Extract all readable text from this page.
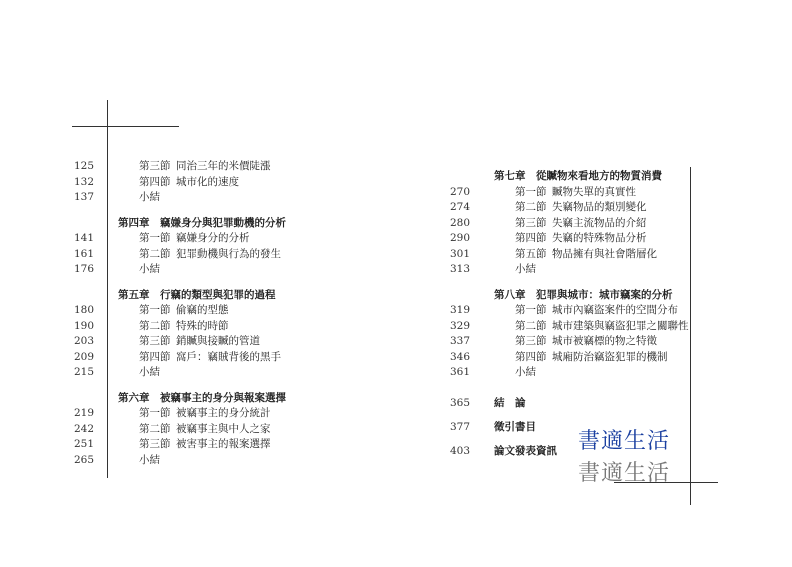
125	第三節 同治三年的米價陡漲
132	第四節 城市化的速度
137	小結
第四章　竊嫌身分與犯罪動機的分析
141	第一節 竊嫌身分的分析
161	第二節 犯罪動機與行為的發生
176	小結
第五章　行竊的類型與犯罪的過程
180	第一節 偷竊的型態
190	第二節 特殊的時節
203	第三節 銷贓與接贓的管道
209	第四節 窩戶：竊賊背後的黑手
215	小結
第六章　被竊事主的身分與報案選擇
219	第一節 被竊事主的身分統計
242	第二節 被竊事主與中人之家
251	第三節 被害事主的報案選擇
265	小結
第七章　從贓物來看地方的物質消費
270	第一節 贓物失單的真實性
274	第二節 失竊物品的類別變化
280	第三節 失竊主流物品的介紹
290	第四節 失竊的特殊物品分析
301	第五節 物品擁有與社會階層化
313	小結
第八章　犯罪與城市：城市竊案的分析
319	第一節 城市內竊盜案件的空間分布
329	第二節 城市建築與竊盜犯罪之關聯性
337	第三節 城市被竊標的物之特徵
346	第四節 城廂防治竊盜犯罪的機制
361	小結
365	結　論
377	徵引書目
403	論文發表資訊 書適生活
書適生活
